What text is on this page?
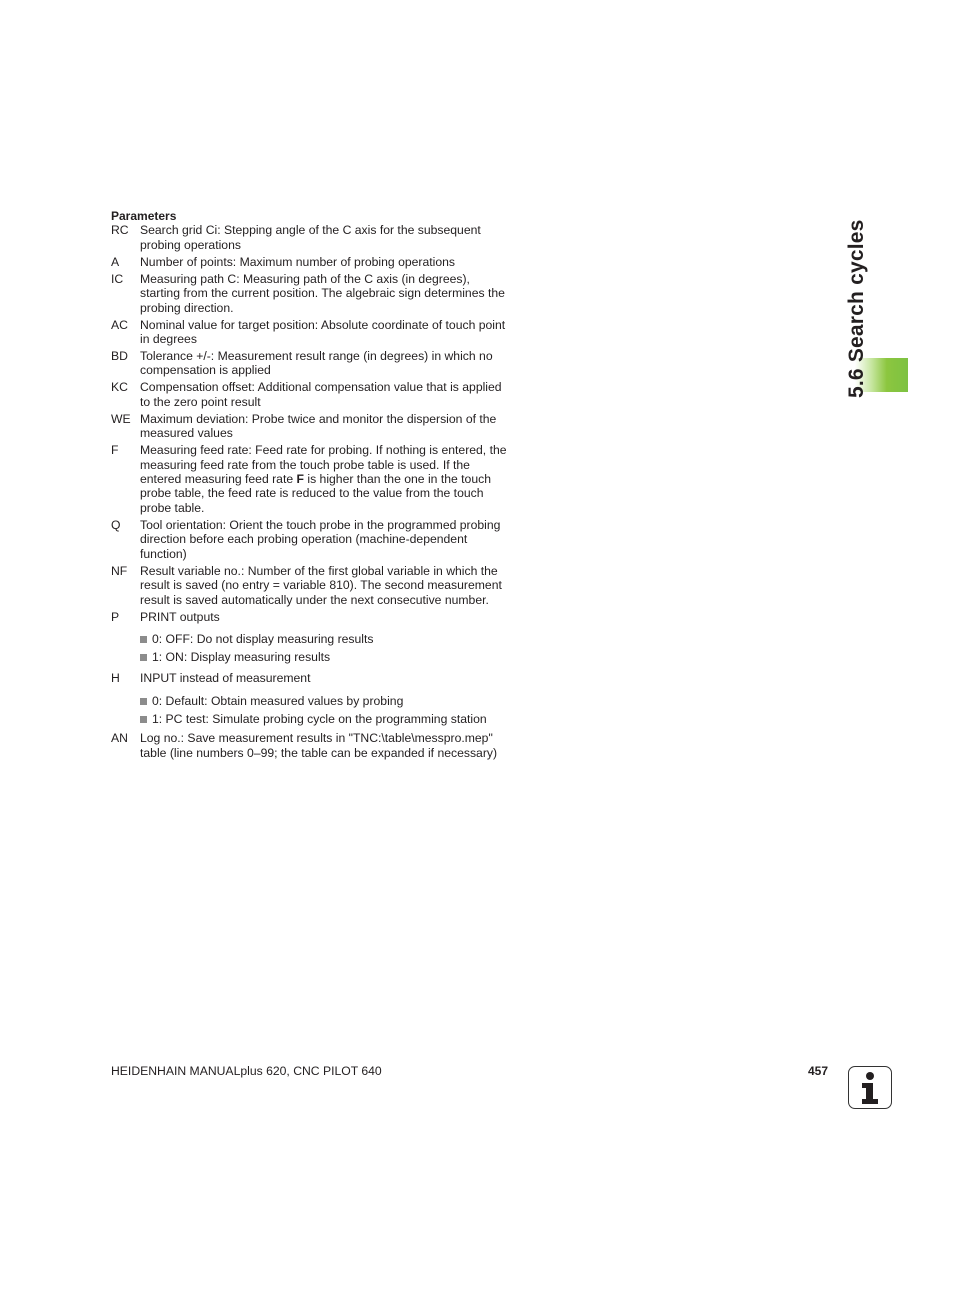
5.6 Search cycles
Parameters
RC Search grid Ci: Stepping angle of the C axis for the subsequent probing operations
A	Number of points: Maximum number of probing operations
IC	Measuring path C: Measuring path of the C axis (in degrees), starting from the current position. The algebraic sign determines the probing direction.
AC Nominal value for target position: Absolute coordinate of touch point in degrees
BD Tolerance +/-: Measurement result range (in degrees) in which no compensation is applied
KC Compensation offset: Additional compensation value that is applied to the zero point result
WE Maximum deviation: Probe twice and monitor the dispersion of the measured values
F	Measuring feed rate: Feed rate for probing. If nothing is entered, the measuring feed rate from the touch probe table is used. If the entered measuring feed rate F is higher than the one in the touch probe table, the feed rate is reduced to the value from the touch probe table.
Q	Tool orientation: Orient the touch probe in the programmed probing direction before each probing operation (machine-dependent function)
NF	Result variable no.: Number of the first global variable in which the result is saved (no entry = variable 810). The second measurement result is saved automatically under the next consecutive number.
P	PRINT outputs
0: OFF: Do not display measuring results
1: ON: Display measuring results
H	INPUT instead of measurement
0: Default: Obtain measured values by probing
1: PC test: Simulate probing cycle on the programming station
AN Log no.: Save measurement results in "TNC:\table\messpro.mep" table (line numbers 0–99; the table can be expanded if necessary)
HEIDENHAIN MANUALplus 620, CNC PILOT 640	457
